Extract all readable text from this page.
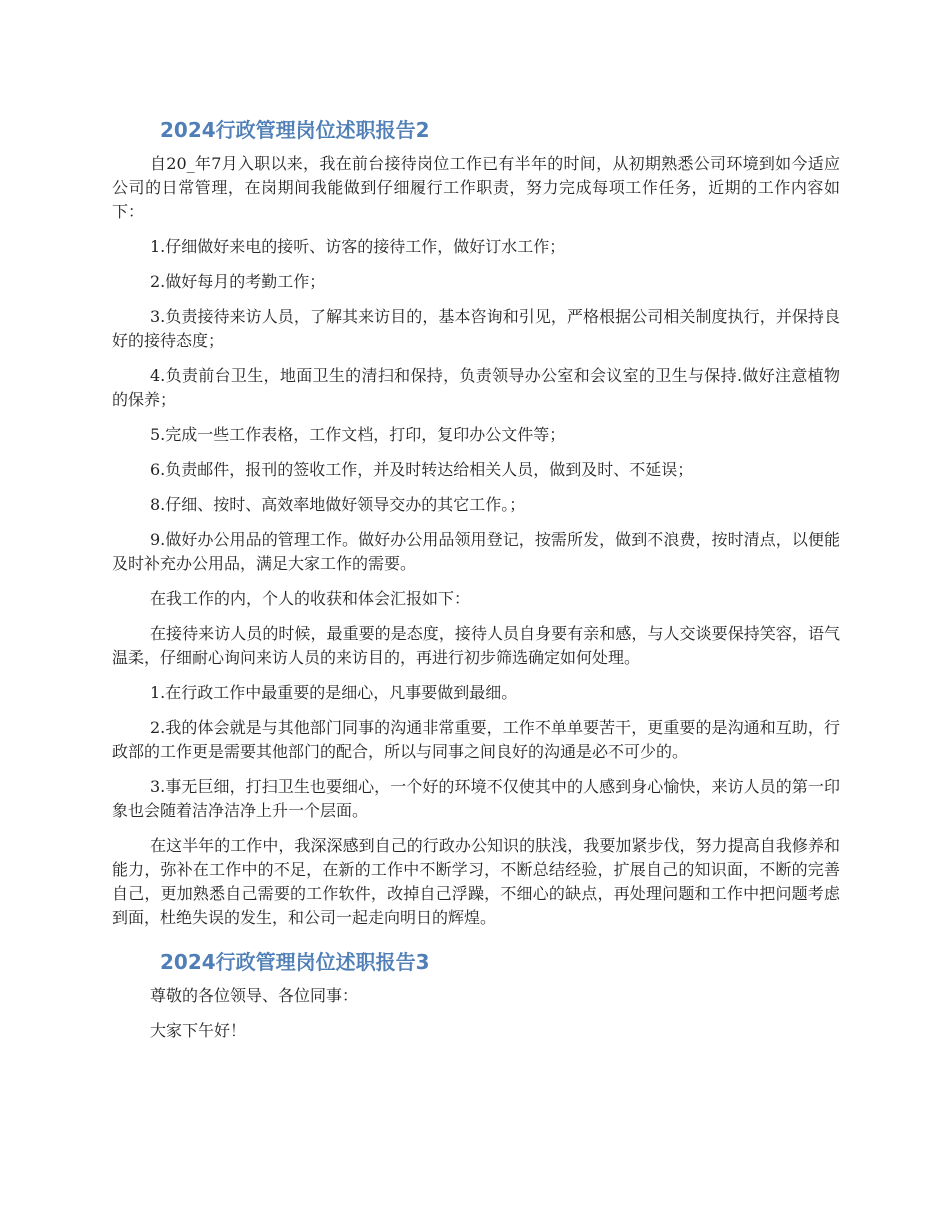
2024行政管理岗位述职报告2

自20_年7月入职以来，我在前台接待岗位工作已有半年的时间，从初期熟悉公司环境到如今适应公司的日常管理，在岗期间我能做到仔细履行工作职责，努力完成每项工作任务，近期的工作内容如下：

1.仔细做好来电的接听、访客的接待工作，做好订水工作；

2.做好每月的考勤工作；

3.负责接待来访人员，了解其来访目的，基本咨询和引见，严格根据公司相关制度执行，并保持良好的接待态度；

4.负责前台卫生，地面卫生的清扫和保持，负责领导办公室和会议室的卫生与保持.做好注意植物的保养；

5.完成一些工作表格，工作文档，打印，复印办公文件等；

6.负责邮件，报刊的签收工作，并及时转达给相关人员，做到及时、不延误；

8.仔细、按时、高效率地做好领导交办的其它工作。；

9.做好办公用品的管理工作。做好办公用品领用登记，按需所发，做到不浪费，按时清点，以便能及时补充办公用品，满足大家工作的需要。

在我工作的内，个人的收获和体会汇报如下：

在接待来访人员的时候，最重要的是态度，接待人员自身要有亲和感，与人交谈要保持笑容，语气温柔，仔细耐心询问来访人员的来访目的，再进行初步筛选确定如何处理。

1.在行政工作中最重要的是细心，凡事要做到最细。

2.我的体会就是与其他部门同事的沟通非常重要，工作不单单要苦干，更重要的是沟通和互助，行政部的工作更是需要其他部门的配合，所以与同事之间良好的沟通是必不可少的。

3.事无巨细，打扫卫生也要细心，一个好的环境不仅使其中的人感到身心愉快，来访人员的第一印象也会随着洁净洁净上升一个层面。

在这半年的工作中，我深深感到自己的行政办公知识的肤浅，我要加紧步伐，努力提高自我修养和能力，弥补在工作中的不足，在新的工作中不断学习，不断总结经验，扩展自己的知识面，不断的完善自己，更加熟悉自己需要的工作软件，改掉自己浮躁，不细心的缺点，再处理问题和工作中把问题考虑到面，杜绝失误的发生，和公司一起走向明日的辉煌。

2024行政管理岗位述职报告3

尊敬的各位领导、各位同事：

大家下午好！
